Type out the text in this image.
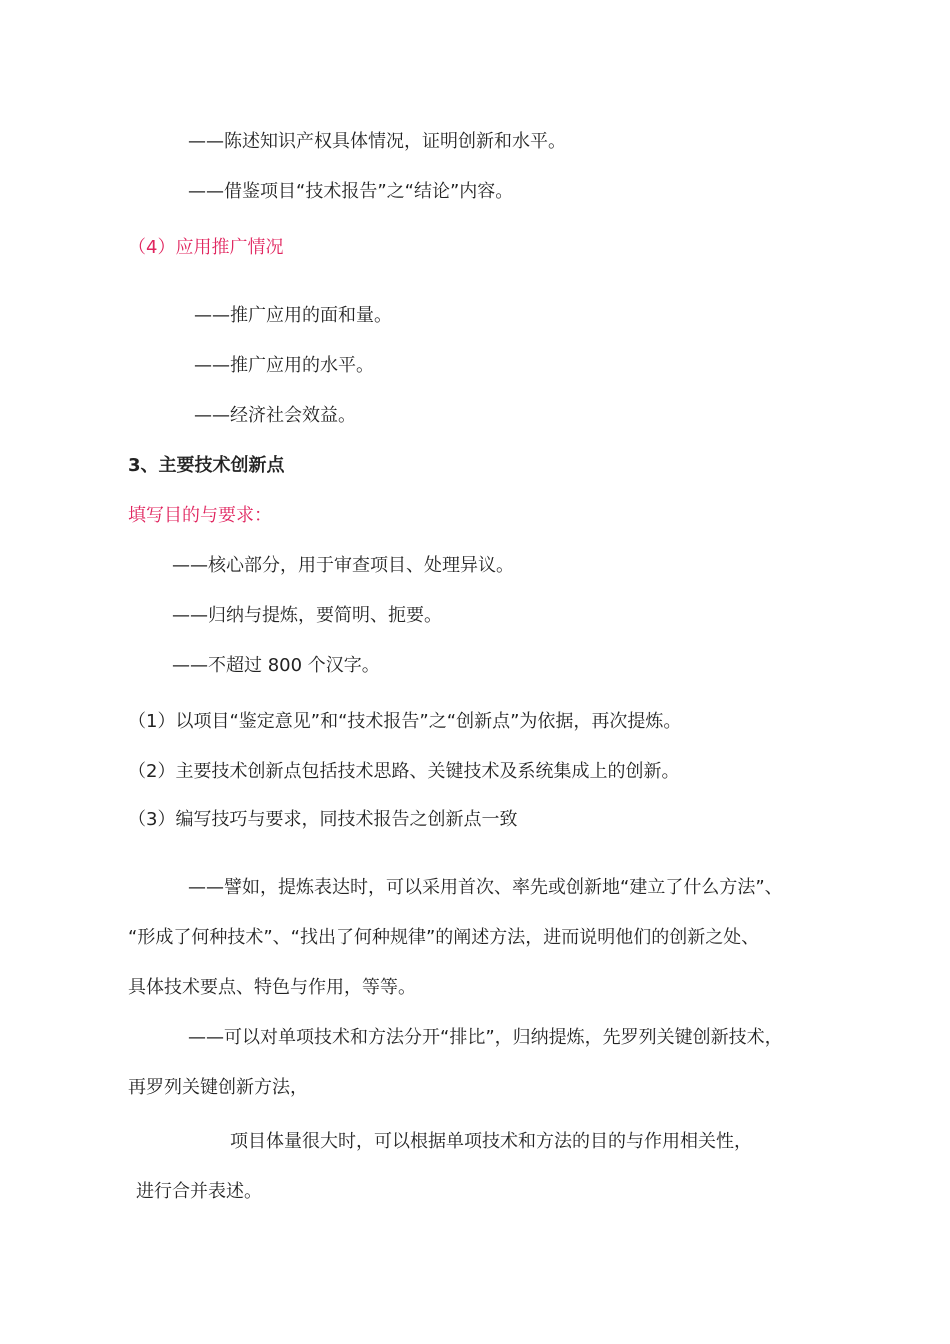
——陈述知识产权具体情况，证明创新和水平。
——借鉴项目“技术报告”之“结论”内容。
（4）应用推广情况
——推广应用的面和量。
——推广应用的水平。
——经济社会效益。
3、主要技术创新点
填写目的与要求：
——核心部分，用于审查项目、处理异议。
——归纳与提炼，要简明、扼要。
——不超过 800 个汉字。
（1）以项目“鉴定意见”和“技术报告”之“创新点”为依据，再次提炼。
（2）主要技术创新点包括技术思路、关键技术及系统集成上的创新。
（3）编写技巧与要求，同技术报告之创新点一致
——譬如，提炼表达时，可以采用首次、率先或创新地“建立了什么方法”、
“形成了何种技术”、“找出了何种规律”的阐述方法，进而说明他们的创新之处、
具体技术要点、特色与作用，等等。
——可以对单项技术和方法分开“排比”，归纳提炼，先罗列关键创新技术，
再罗列关键创新方法，
项目体量很大时，可以根据单项技术和方法的目的与作用相关性，
进行合并表述。
